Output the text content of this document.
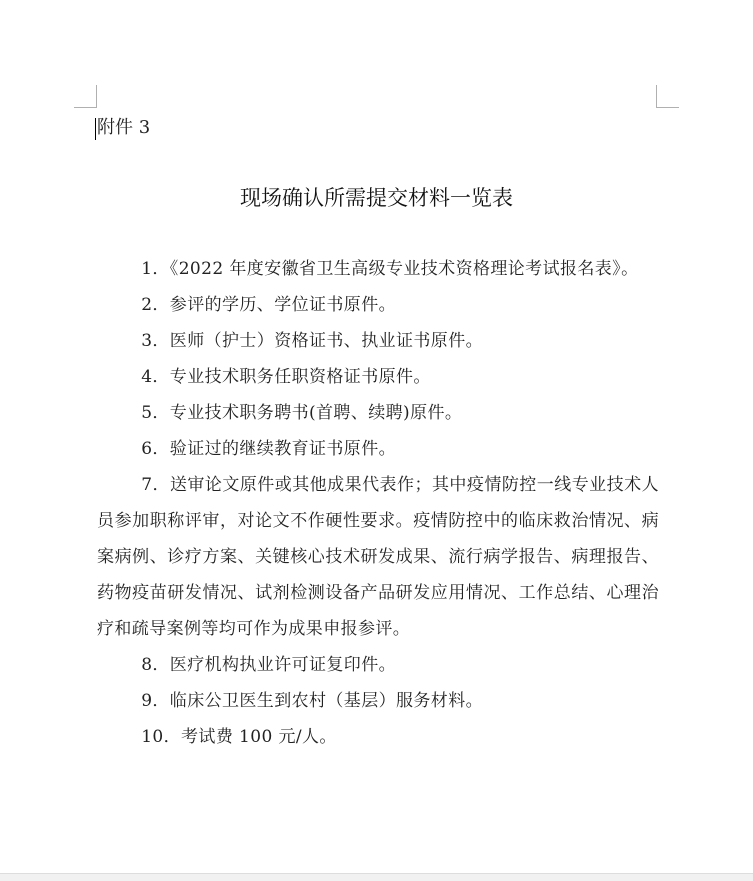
附件 3
现场确认所需提交材料一览表

1．《2022 年度安徽省卫生高级专业技术资格理论考试报名表》。

2．参评的学历、学位证书原件。

3．医师（护士）资格证书、执业证书原件。

4．专业技术职务任职资格证书原件。

5．专业技术职务聘书(首聘、续聘)原件。

6．验证过的继续教育证书原件。

7．送审论文原件或其他成果代表作；其中疫情防控一线专业技术人员参加职称评审，对论文不作硬性要求。疫情防控中的临床救治情况、病案病例、诊疗方案、关键核心技术研发成果、流行病学报告、病理报告、药物疫苗研发情况、试剂检测设备产品研发应用情况、工作总结、心理治疗和疏导案例等均可作为成果申报参评。

8．医疗机构执业许可证复印件。

9．临床公卫医生到农村（基层）服务材料。

10．考试费 100 元/人。
